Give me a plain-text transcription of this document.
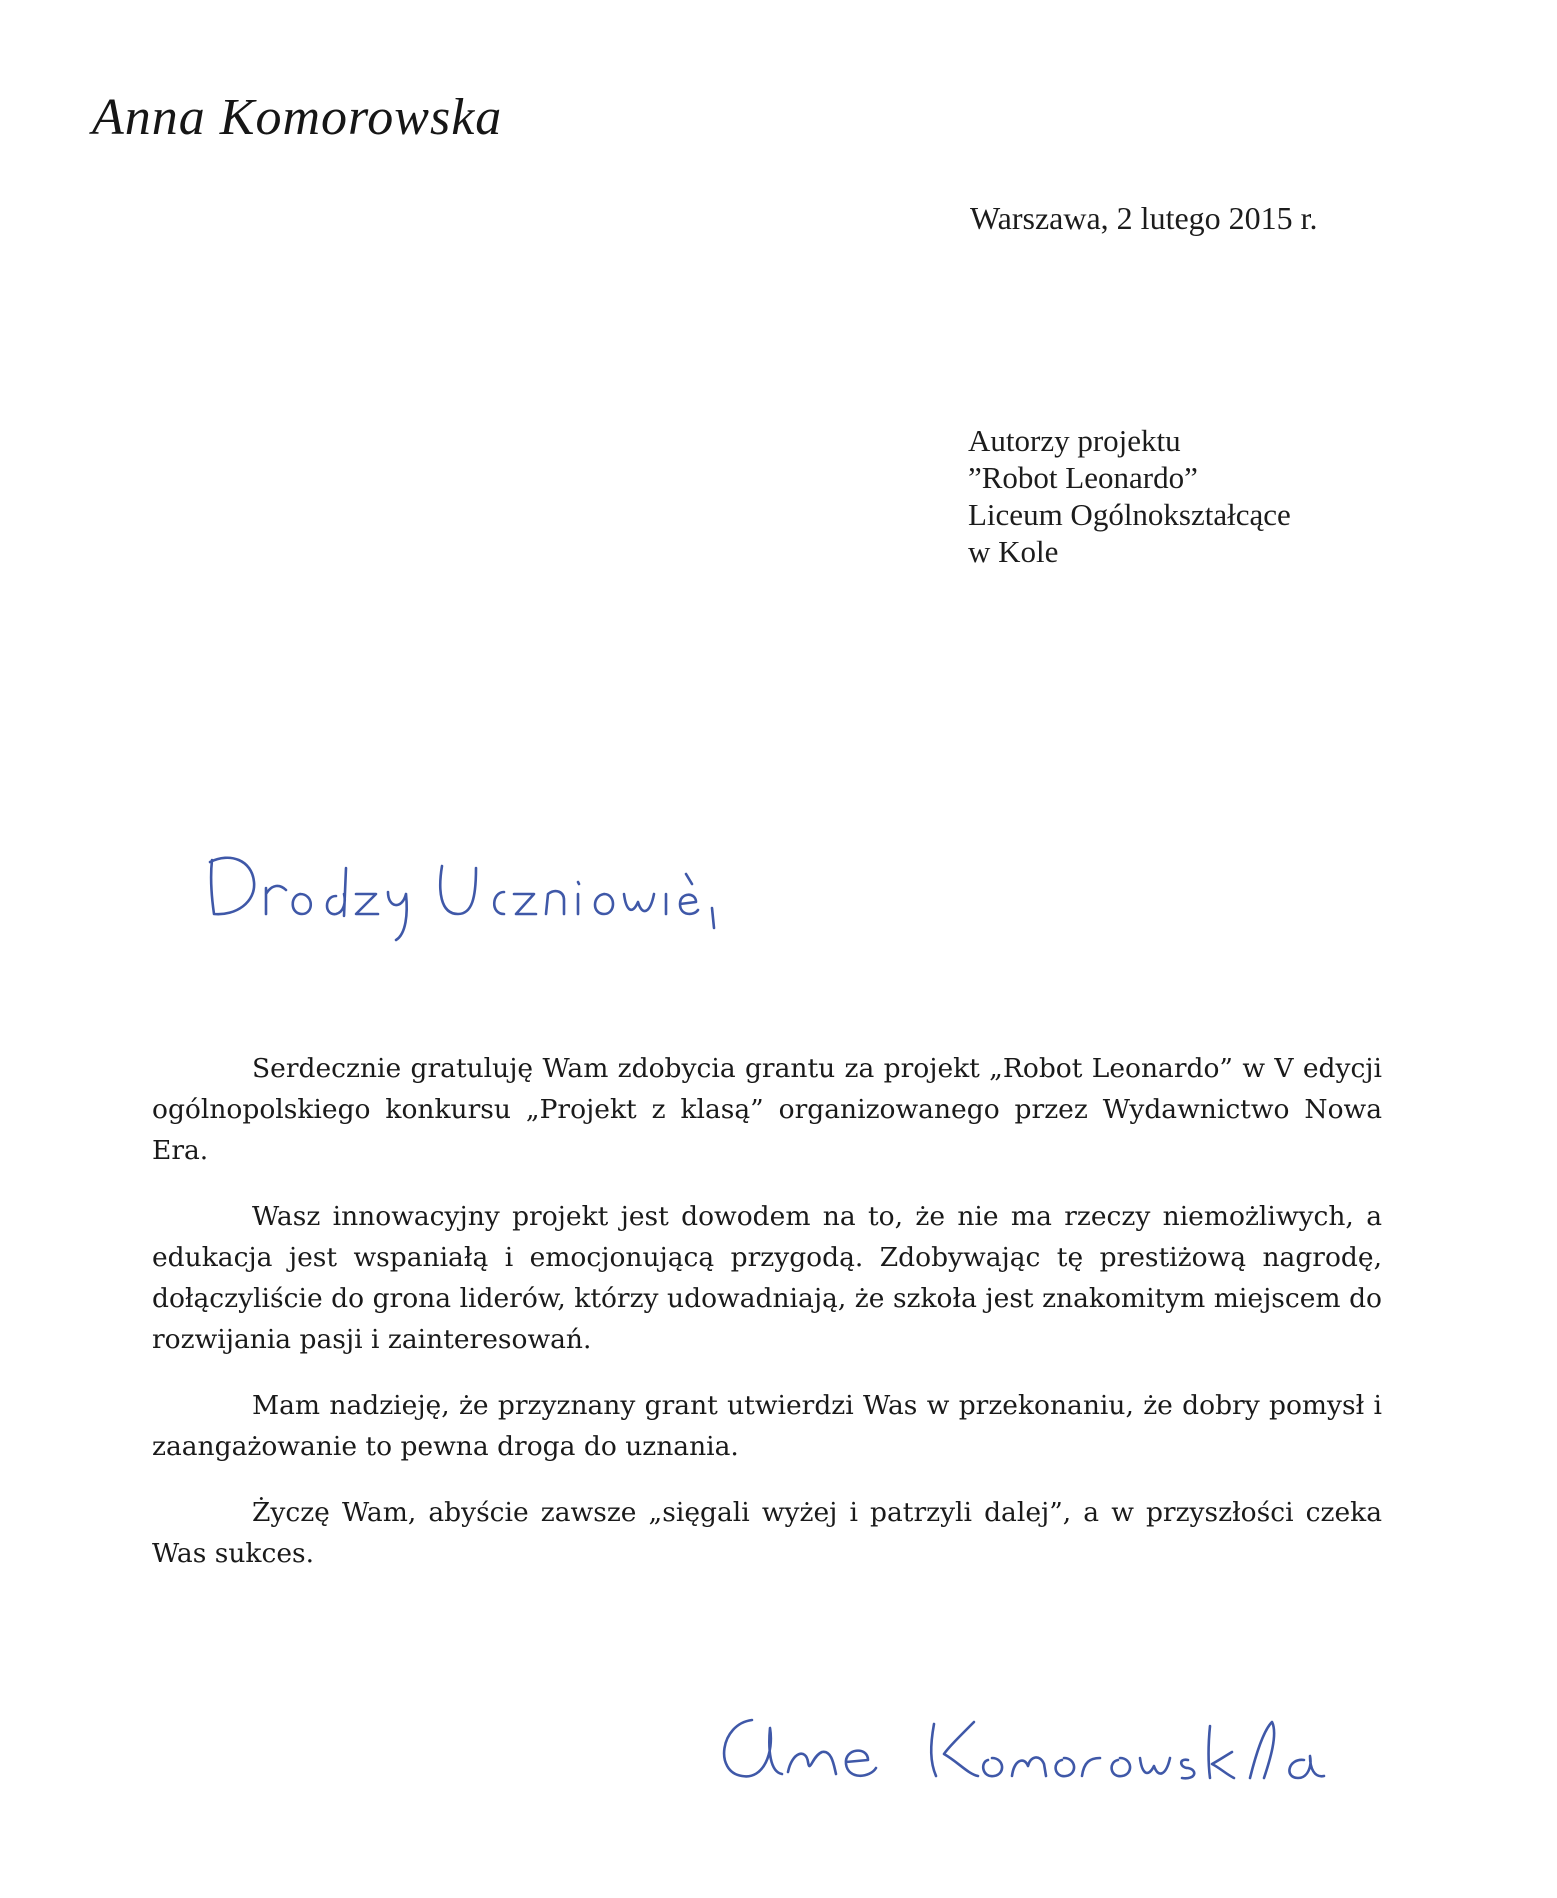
Anna Komorowska
Warszawa, 2 lutego 2015 r.
Autorzy projektu
”Robot Leonardo”
Liceum Ogólnokształcące
w Kole

Serdecznie gratuluję Wam zdobycia grantu za projekt „Robot Leonardo” w V edycji ogólnopolskiego konkursu „Projekt z klasą” organizowanego przez Wydawnictwo Nowa Era.

Wasz innowacyjny projekt jest dowodem na to, że nie ma rzeczy niemożliwych, a edukacja jest wspaniałą i emocjonującą przygodą. Zdobywając tę prestiżową nagrodę, dołączyliście do grona liderów, którzy udowadniają, że szkoła jest znakomitym miejscem do rozwijania pasji i zainteresowań.

Mam nadzieję, że przyznany grant utwierdzi Was w przekonaniu, że dobry pomysł i zaangażowanie to pewna droga do uznania.

Życzę Wam, abyście zawsze „sięgali wyżej i patrzyli dalej”, a w przyszłości czeka Was sukces.
